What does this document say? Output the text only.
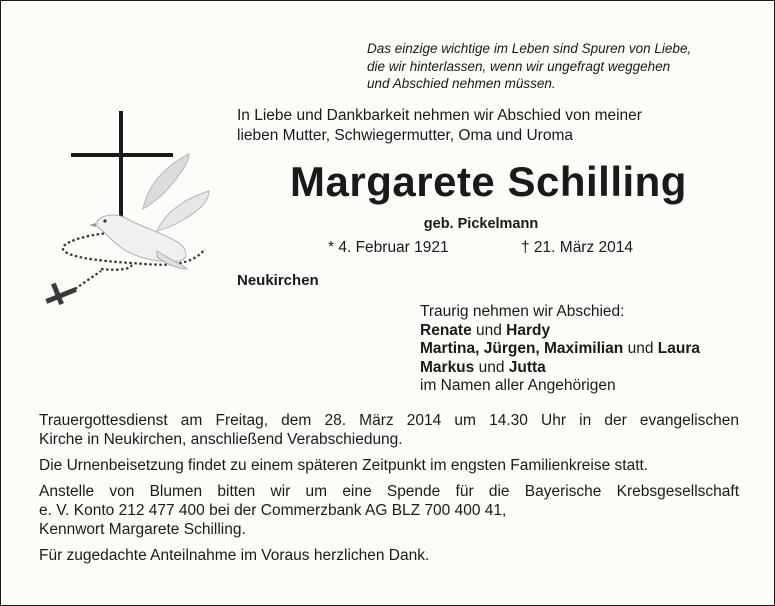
Das einzige wichtige im Leben sind Spuren von Liebe,
die wir hinterlassen, wenn wir ungefragt weggehen
und Abschied nehmen müssen.
In Liebe und Dankbarkeit nehmen wir Abschied von meiner
lieben Mutter, Schwiegermutter, Oma und Uroma
Margarete Schilling
geb. Pickelmann
* 4. Februar 1921	† 21. März 2014
Neukirchen
Traurig nehmen wir Abschied:
Renate und Hardy
Martina, Jürgen, Maximilian und Laura
Markus und Jutta
im Namen aller Angehörigen

Trauergottesdienst am Freitag, dem 28. März 2014 um 14.30 Uhr in der evangelischen
Kirche in Neukirchen, anschließend Verabschiedung.

Die Urnenbeisetzung findet zu einem späteren Zeitpunkt im engsten Familienkreise statt.

Anstelle von Blumen bitten wir um eine Spende für die Bayerische Krebsgesellschaft
e. V. Konto 212 477 400 bei der Commerzbank AG BLZ 700 400 41,
Kennwort Margarete Schilling.

Für zugedachte Anteilnahme im Voraus herzlichen Dank.
